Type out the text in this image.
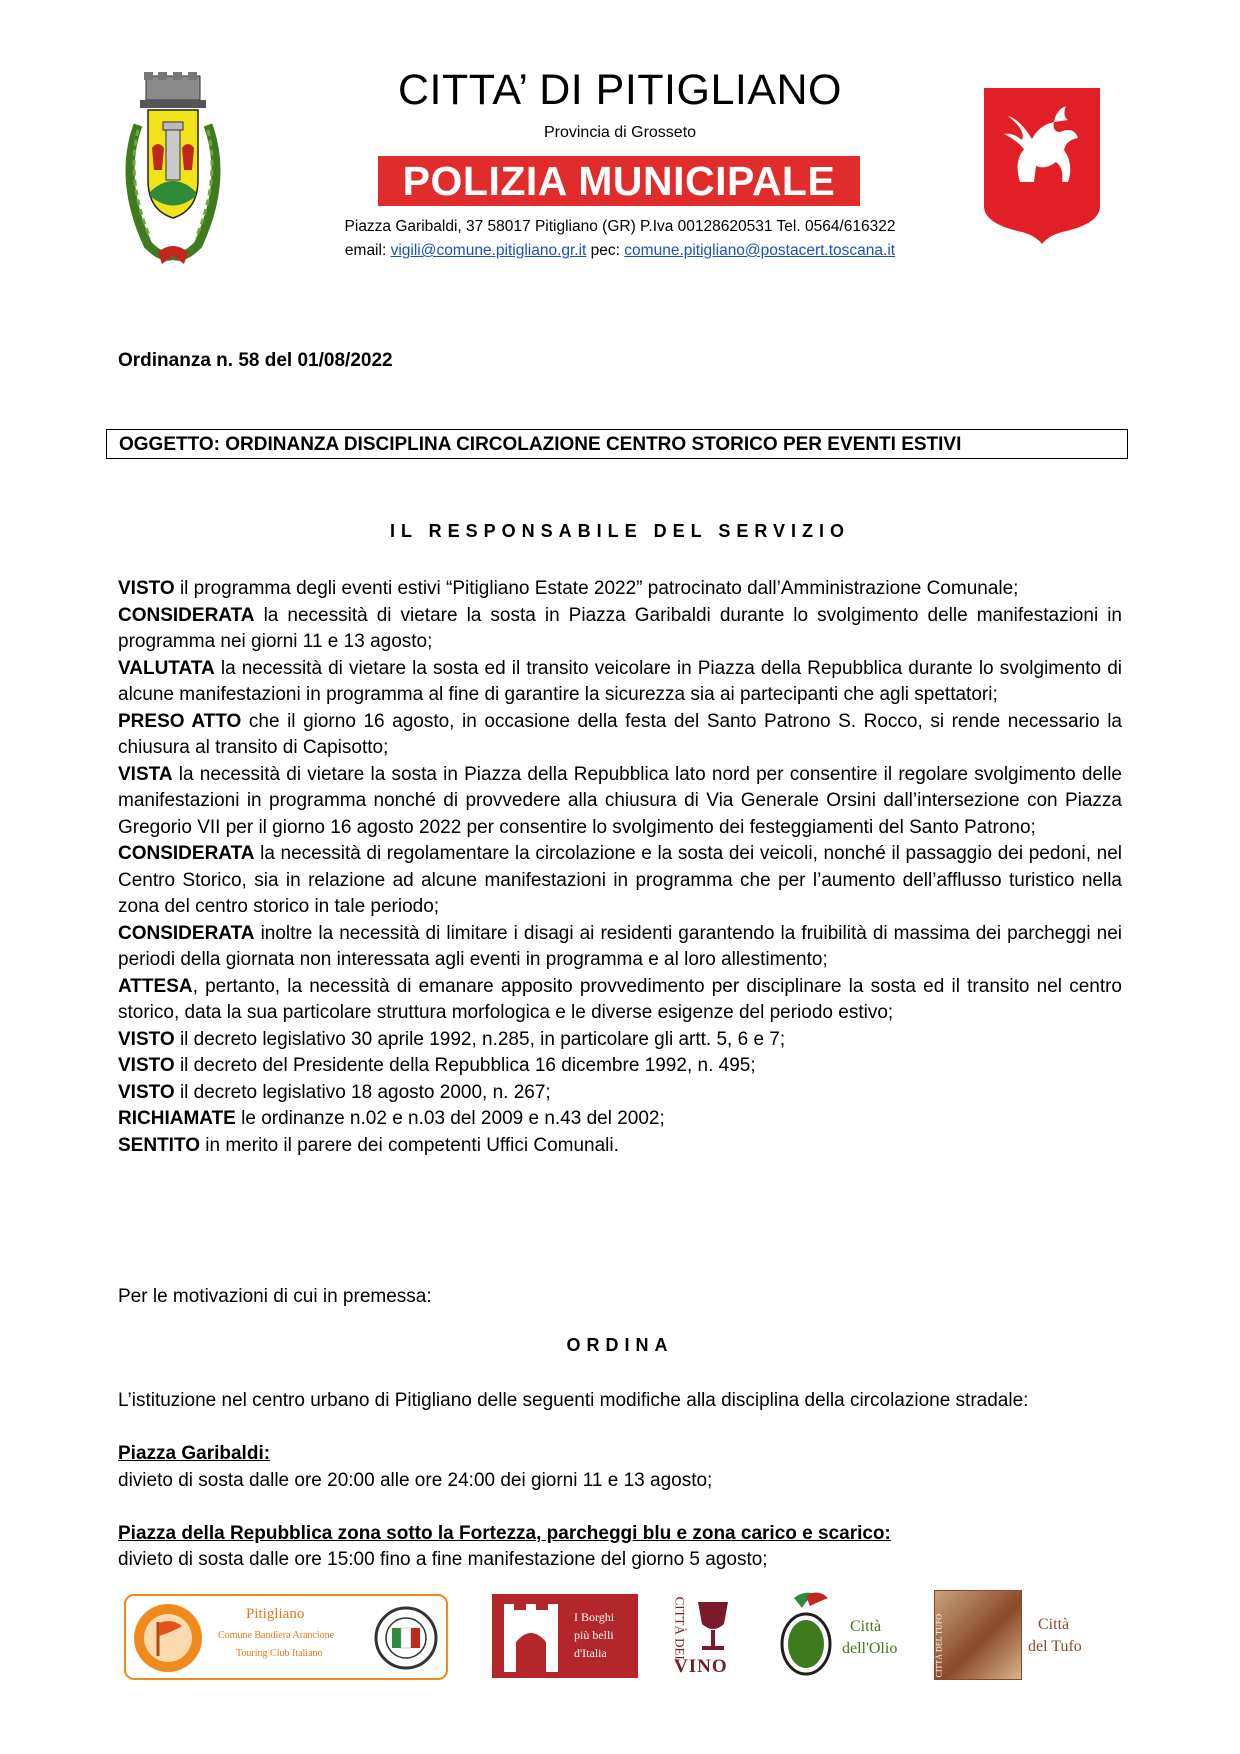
CITTA’ DI PITIGLIANO
Provincia di Grosseto
POLIZIA MUNICIPALE
Piazza Garibaldi, 37 58017 Pitigliano (GR) P.Iva 00128620531 Tel. 0564/616322
email: vigili@comune.pitigliano.gr.it pec: comune.pitigliano@postacert.toscana.it
Ordinanza n. 58 del 01/08/2022
OGGETTO: ORDINANZA DISCIPLINA CIRCOLAZIONE CENTRO STORICO PER EVENTI ESTIVI
IL RESPONSABILE DEL SERVIZIO

VISTO il programma degli eventi estivi “Pitigliano Estate 2022” patrocinato dall’Amministrazione Comunale;

CONSIDERATA la necessità di vietare la sosta in Piazza Garibaldi durante lo svolgimento delle manifestazioni in programma nei giorni 11 e 13 agosto;

VALUTATA la necessità di vietare la sosta ed il transito veicolare in Piazza della Repubblica durante lo svolgimento di alcune manifestazioni in programma al fine di garantire la sicurezza sia ai partecipanti che agli spettatori;

PRESO ATTO che il giorno 16 agosto, in occasione della festa del Santo Patrono S. Rocco, si rende necessario la chiusura al transito di Capisotto;

VISTA la necessità di vietare la sosta in Piazza della Repubblica lato nord per consentire il regolare svolgimento delle manifestazioni in programma nonché di provvedere alla chiusura di Via Generale Orsini dall’intersezione con Piazza Gregorio VII per il giorno 16 agosto 2022 per consentire lo svolgimento dei festeggiamenti del Santo Patrono;

CONSIDERATA la necessità di regolamentare la circolazione e la sosta dei veicoli, nonché il passaggio dei pedoni, nel Centro Storico, sia in relazione ad alcune manifestazioni in programma che per l’aumento dell’afflusso turistico nella zona del centro storico in tale periodo;

CONSIDERATA inoltre la necessità di limitare i disagi ai residenti garantendo la fruibilità di massima dei parcheggi nei periodi della giornata non interessata agli eventi in programma e al loro allestimento;

ATTESA, pertanto, la necessità di emanare apposito provvedimento per disciplinare la sosta ed il transito nel centro storico, data la sua particolare struttura morfologica e le diverse esigenze del periodo estivo;

VISTO il decreto legislativo 30 aprile 1992, n.285, in particolare gli artt. 5, 6 e 7;

VISTO il decreto del Presidente della Repubblica 16 dicembre 1992, n. 495;

VISTO il decreto legislativo 18 agosto 2000, n. 267;

RICHIAMATE le ordinanze n.02 e n.03 del 2009 e n.43 del 2002;

SENTITO in merito il parere dei competenti Uffici Comunali.

Per le motivazioni di cui in premessa:
ORDINA
L’istituzione nel centro urbano di Pitigliano delle seguenti modifiche alla disciplina della circolazione stradale:
Piazza Garibaldi:
divieto di sosta dalle ore 20:00 alle ore 24:00 dei giorni 11 e 13 agosto;
Piazza della Repubblica zona sotto la Fortezza, parcheggi blu e zona carico e scarico:
divieto di sosta dalle ore 15:00 fino a fine manifestazione del giorno 5 agosto;
Pitigliano
Comune Bandiera Arancione
Touring Club Italiano
I Borghi
più belli
d'Italia	CITTÀ DEL
VINO
Città
dell'Olio	CITTÀ DEL TUFO	Città
del Tufo
